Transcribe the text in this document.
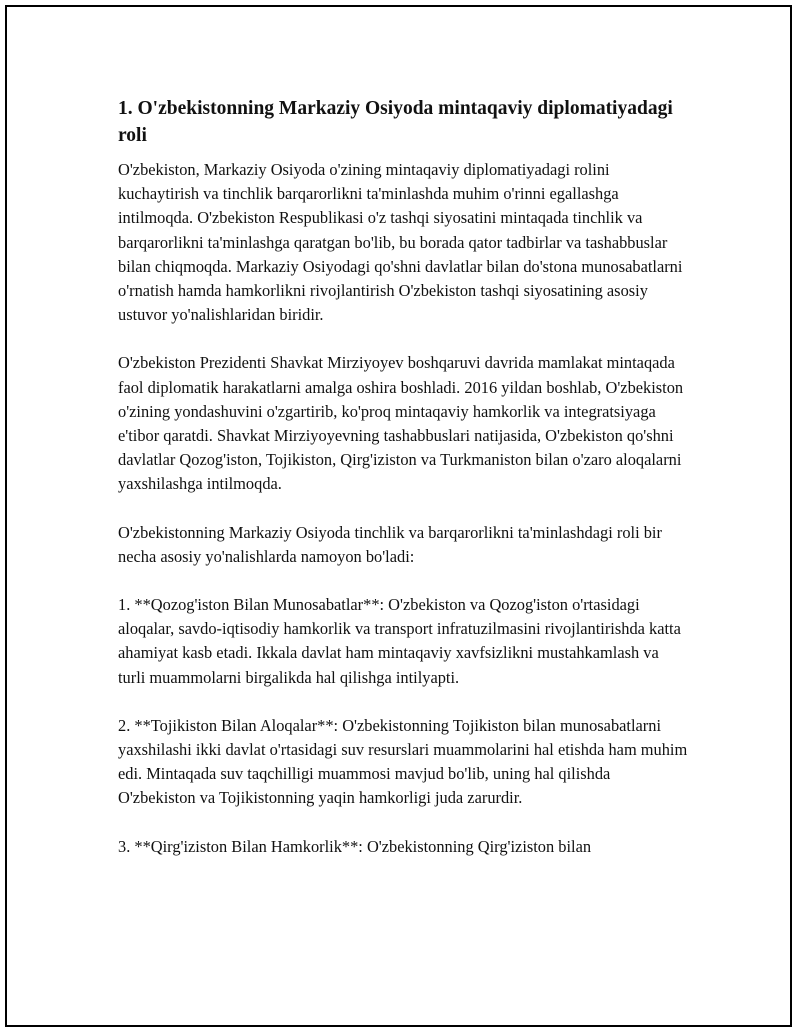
1. O'zbekistonning Markaziy Osiyoda mintaqaviy diplomatiyadagi roli

O'zbekiston, Markaziy Osiyoda o'zining mintaqaviy diplomatiyadagi rolini kuchaytirish va tinchlik barqarorlikni ta'minlashda muhim o'rinni egallashga intilmoqda. O'zbekiston Respublikasi o'z tashqi siyosatini mintaqada tinchlik va barqarorlikni ta'minlashga qaratgan bo'lib, bu borada qator tadbirlar va tashabbuslar bilan chiqmoqda. Markaziy Osiyodagi qo'shni davlatlar bilan do'stona munosabatlarni o'rnatish hamda hamkorlikni rivojlantirish O'zbekiston tashqi siyosatining asosiy ustuvor yo'nalishlaridan biridir.

O'zbekiston Prezidenti Shavkat Mirziyoyev boshqaruvi davrida mamlakat mintaqada faol diplomatik harakatlarni amalga oshira boshladi. 2016 yildan boshlab, O'zbekiston o'zining yondashuvini o'zgartirib, ko'proq mintaqaviy hamkorlik va integratsiyaga e'tibor qaratdi. Shavkat Mirziyoyevning tashabbuslari natijasida, O'zbekiston qo'shni davlatlar Qozog'iston, Tojikiston, Qirg'iziston va Turkmaniston bilan o'zaro aloqalarni yaxshilashga intilmoqda.

O'zbekistonning Markaziy Osiyoda tinchlik va barqarorlikni ta'minlashdagi roli bir necha asosiy yo'nalishlarda namoyon bo'ladi:

1. **Qozog'iston Bilan Munosabatlar**: O'zbekiston va Qozog'iston o'rtasidagi aloqalar, savdo-iqtisodiy hamkorlik va transport infratuzilmasini rivojlantirishda katta ahamiyat kasb etadi. Ikkala davlat ham mintaqaviy xavfsizlikni mustahkamlash va turli muammolarni birgalikda hal qilishga intilyapti.

2. **Tojikiston Bilan Aloqalar**: O'zbekistonning Tojikiston bilan munosabatlarni yaxshilashi ikki davlat o'rtasidagi suv resurslari muammolarini hal etishda ham muhim edi. Mintaqada suv taqchilligi muammosi mavjud bo'lib, uning hal qilishda O'zbekiston va Tojikistonning yaqin hamkorligi juda zarurdir.

3. **Qirg'iziston Bilan Hamkorlik**: O'zbekistonning Qirg'iziston bilan
